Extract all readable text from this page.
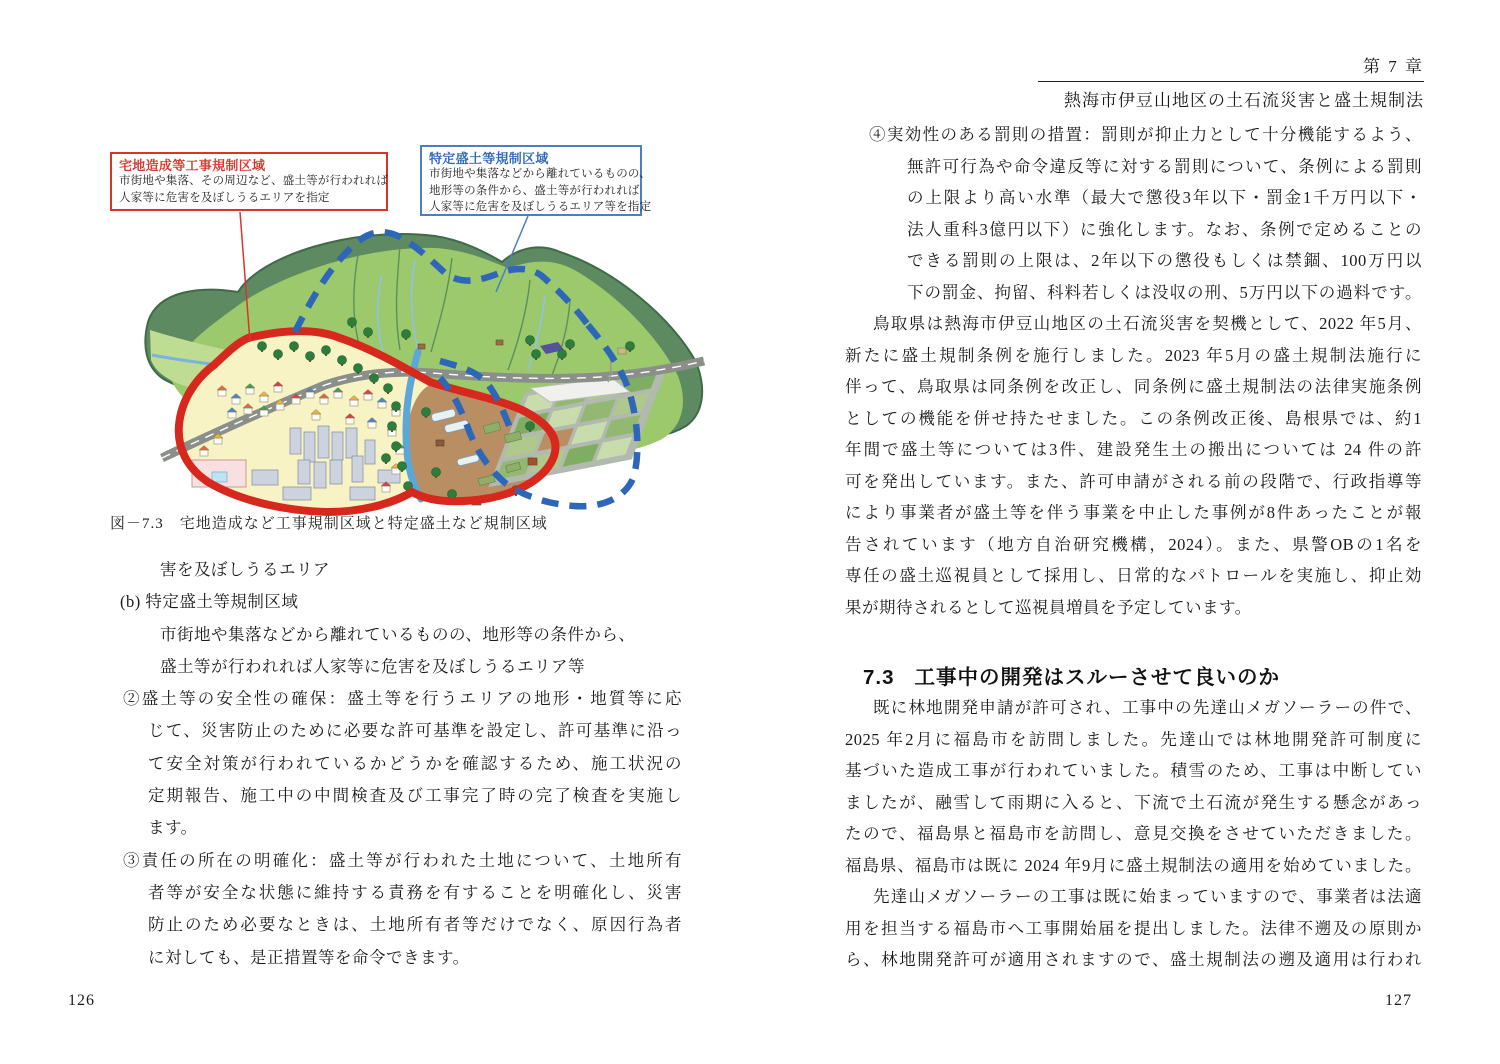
宅地造成等工事規制区域
市街地や集落、その周辺など、盛土等が行われれば
人家等に危害を及ぼしうるエリアを指定
特定盛土等規制区域
市街地や集落などから離れているものの、
地形等の条件から、盛土等が行われれば
人家等に危害を及ぼしうるエリア等を指定
図－7.3　宅地造成など工事規制区域と特定盛土など規制区域
害を及ぼしうるエリア
(b) 特定盛土等規制区域
市街地や集落などから離れているものの、地形等の条件から、
盛土等が行われれば人家等に危害を及ぼしうるエリア等
②盛土等の安全性の確保：盛土等を行うエリアの地形・地質等に応
じて、災害防止のために必要な許可基準を設定し、許可基準に沿っ
て安全対策が行われているかどうかを確認するため、施工状況の
定期報告、施工中の中間検査及び工事完了時の完了検査を実施し
ます。
③責任の所在の明確化：盛土等が行われた土地について、土地所有
者等が安全な状態に維持する責務を有することを明確化し、災害
防止のため必要なときは、土地所有者等だけでなく、原因行為者
に対しても、是正措置等を命令できます。
126
第 7 章
熱海市伊豆山地区の土石流災害と盛土規制法
④実効性のある罰則の措置：罰則が抑止力として十分機能するよう、
無許可行為や命令違反等に対する罰則について、条例による罰則
の上限より高い水準（最大で懲役3年以下・罰金1千万円以下・
法人重科3億円以下）に強化します。なお、条例で定めることの
できる罰則の上限は、2年以下の懲役もしくは禁錮、100万円以
下の罰金、拘留、科料若しくは没収の刑、5万円以下の過料です。
鳥取県は熱海市伊豆山地区の土石流災害を契機として、2022 年5月、
新たに盛土規制条例を施行しました。2023 年5月の盛土規制法施行に
伴って、鳥取県は同条例を改正し、同条例に盛土規制法の法律実施条例
としての機能を併せ持たせました。この条例改正後、島根県では、約1
年間で盛土等については3件、建設発生土の搬出については 24 件の許
可を発出しています。また、許可申請がされる前の段階で、行政指導等
により事業者が盛土等を伴う事業を中止した事例が8件あったことが報
告されています（地方自治研究機構，2024）。また、県警OBの1名を
専任の盛土巡視員として採用し、日常的なパトロールを実施し、抑止効
果が期待されるとして巡視員増員を予定しています。
7.3 工事中の開発はスルーさせて良いのか
既に林地開発申請が許可され、工事中の先達山メガソーラーの件で、
2025 年2月に福島市を訪問しました。先達山では林地開発許可制度に
基づいた造成工事が行われていました。積雪のため、工事は中断してい
ましたが、融雪して雨期に入ると、下流で土石流が発生する懸念があっ
たので、福島県と福島市を訪問し、意見交換をさせていただきました。
福島県、福島市は既に 2024 年9月に盛土規制法の適用を始めていました。
先達山メガソーラーの工事は既に始まっていますので、事業者は法適
用を担当する福島市へ工事開始届を提出しました。法律不遡及の原則か
ら、林地開発許可が適用されますので、盛土規制法の遡及適用は行われ
127
